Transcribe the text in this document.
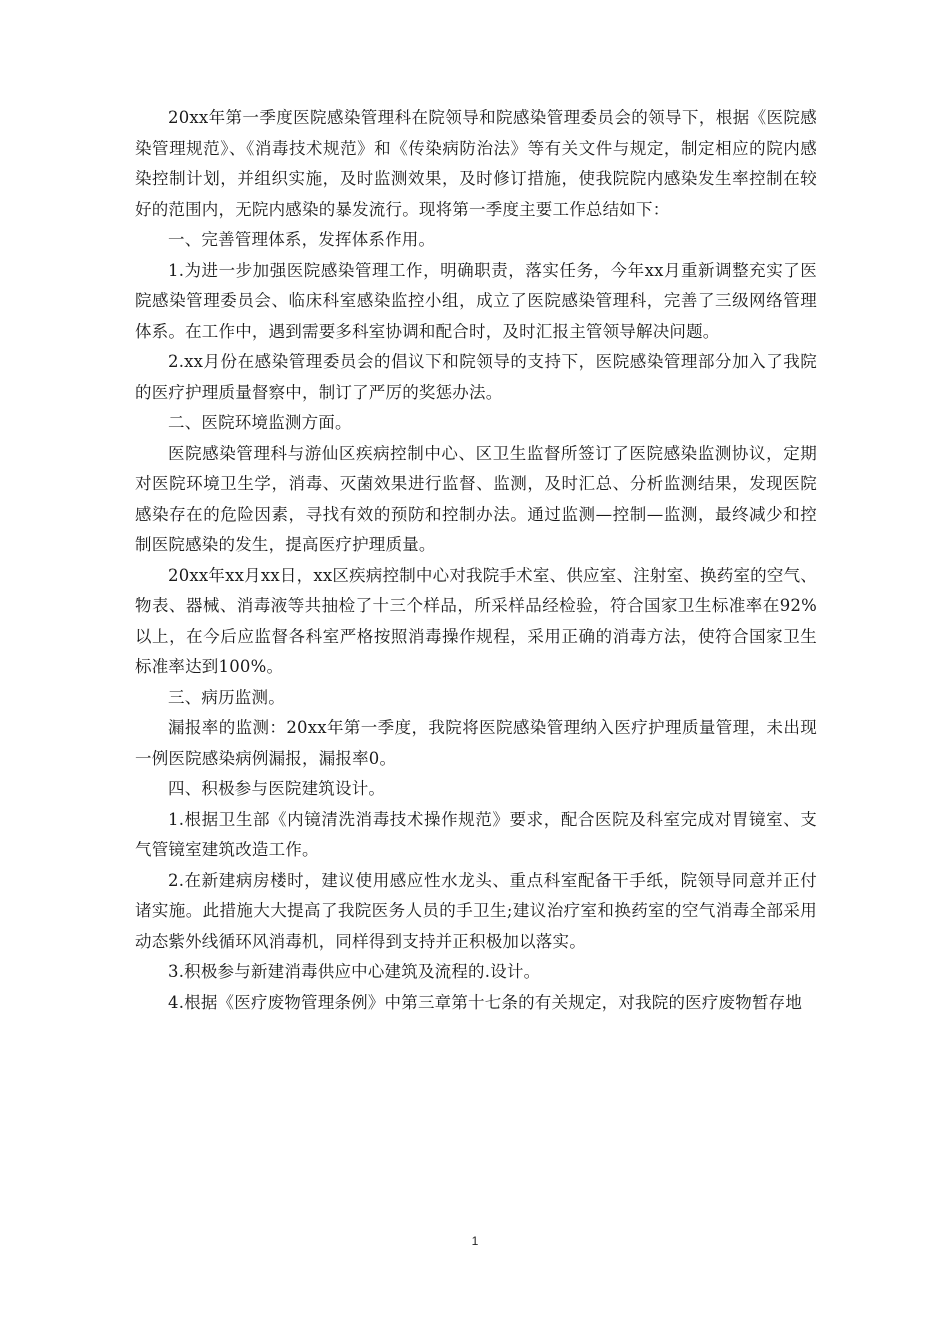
20xx年第一季度医院感染管理科在院领导和院感染管理委员会的领导下，根据《医院感染管理规范》、《消毒技术规范》和《传染病防治法》等有关文件与规定，制定相应的院内感染控制计划，并组织实施，及时监测效果，及时修订措施，使我院院内感染发生率控制在较好的范围内，无院内感染的暴发流行。现将第一季度主要工作总结如下：

一、完善管理体系，发挥体系作用。

1.为进一步加强医院感染管理工作，明确职责，落实任务，今年xx月重新调整充实了医院感染管理委员会、临床科室感染监控小组，成立了医院感染管理科，完善了三级网络管理体系。在工作中，遇到需要多科室协调和配合时，及时汇报主管领导解决问题。

2.xx月份在感染管理委员会的倡议下和院领导的支持下，医院感染管理部分加入了我院的医疗护理质量督察中，制订了严厉的奖惩办法。

二、医院环境监测方面。

医院感染管理科与游仙区疾病控制中心、区卫生监督所签订了医院感染监测协议，定期对医院环境卫生学，消毒、灭菌效果进行监督、监测，及时汇总、分析监测结果，发现医院感染存在的危险因素，寻找有效的预防和控制办法。通过监测—控制—监测，最终减少和控制医院感染的发生，提高医疗护理质量。

20xx年xx月xx日，xx区疾病控制中心对我院手术室、供应室、注射室、换药室的空气、物表、器械、消毒液等共抽检了十三个样品，所采样品经检验，符合国家卫生标准率在92%以上，在今后应监督各科室严格按照消毒操作规程，采用正确的消毒方法，使符合国家卫生标准率达到100%。

三、病历监测。

漏报率的监测：20xx年第一季度，我院将医院感染管理纳入医疗护理质量管理，未出现一例医院感染病例漏报，漏报率0。

四、积极参与医院建筑设计。

1.根据卫生部《内镜清洗消毒技术操作规范》要求，配合医院及科室完成对胃镜室、支气管镜室建筑改造工作。

2.在新建病房楼时，建议使用感应性水龙头、重点科室配备干手纸，院领导同意并正付诸实施。此措施大大提高了我院医务人员的手卫生;建议治疗室和换药室的空气消毒全部采用动态紫外线循环风消毒机，同样得到支持并正积极加以落实。

3.积极参与新建消毒供应中心建筑及流程的.设计。

4.根据《医疗废物管理条例》中第三章第十七条的有关规定，对我院的医疗废物暂存地

1
